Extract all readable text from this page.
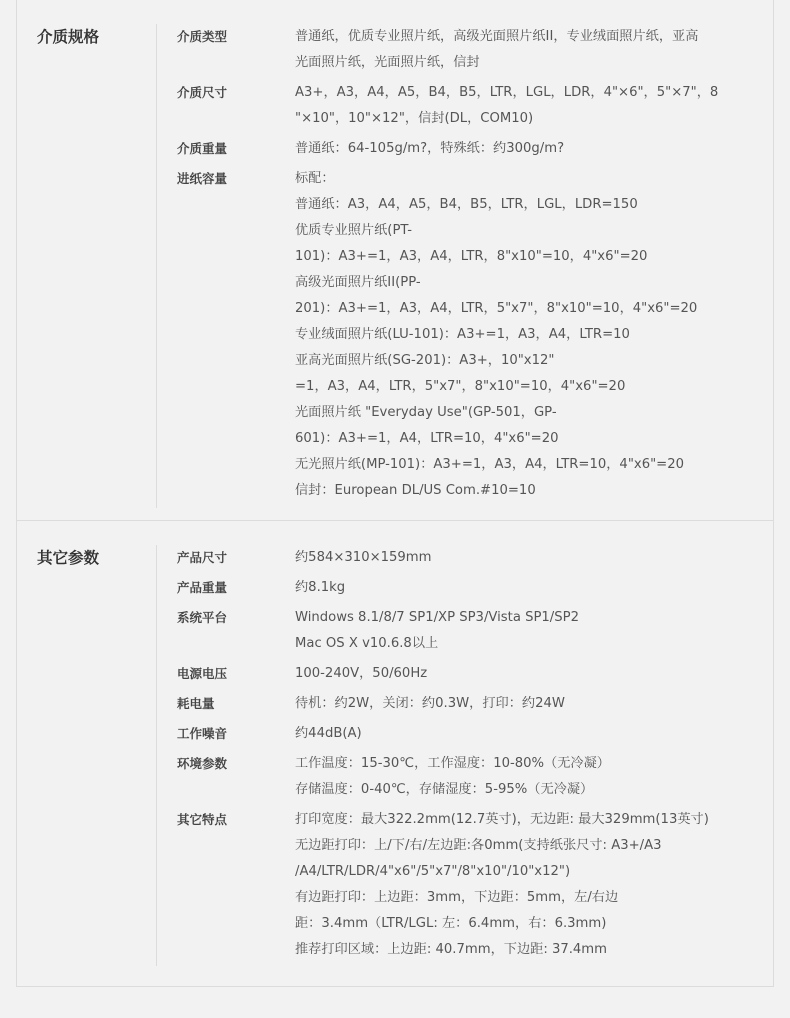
介质规格	介质类型	普通纸，优质专业照片纸，高级光面照片纸II，专业绒面照片纸，亚高
光面照片纸，光面照片纸，信封
介质尺寸	A3+，A3，A4，A5，B4，B5，LTR，LGL，LDR，4"×6"，5"×7"，8
"×10"，10"×12"，信封(DL，COM10)
介质重量	普通纸：64-105g/m?，特殊纸：约300g/m?
进纸容量	标配：
普通纸：A3，A4，A5，B4，B5，LTR，LGL，LDR=150
优质专业照片纸(PT-
101)：A3+=1，A3，A4，LTR，8"x10"=10，4"x6"=20
高级光面照片纸II(PP-
201)：A3+=1，A3，A4，LTR，5"x7"，8"x10"=10，4"x6"=20
专业绒面照片纸(LU-101)：A3+=1，A3，A4，LTR=10
亚高光面照片纸(SG-201)：A3+，10"x12"
=1，A3，A4，LTR，5"x7"，8"x10"=10，4"x6"=20
光面照片纸 "Everyday Use"(GP-501，GP-
601)：A3+=1，A4，LTR=10，4"x6"=20
无光照片纸(MP-101)：A3+=1，A3，A4，LTR=10，4"x6"=20
信封：European DL/US Com.#10=10
其它参数	产品尺寸	约584×310×159mm
产品重量	约8.1kg
系统平台	Windows 8.1/8/7 SP1/XP SP3/Vista SP1/SP2
Mac OS X v10.6.8以上
电源电压	100-240V，50/60Hz
耗电量	待机：约2W，关闭：约0.3W，打印：约24W
工作噪音	约44dB(A)
环境参数	工作温度：15-30℃，工作湿度：10-80%（无冷凝）
存储温度：0-40℃，存储湿度：5-95%（无冷凝）
其它特点	打印宽度：最大322.2mm(12.7英寸)，无边距: 最大329mm(13英寸)
无边距打印：上/下/右/左边距:各0mm(支持纸张尺寸: A3+/A3
/A4/LTR/LDR/4"x6"/5"x7"/8"x10"/10"x12")
有边距打印：上边距：3mm，下边距：5mm，左/右边
距：3.4mm（LTR/LGL: 左：6.4mm，右：6.3mm)
推荐打印区域：上边距: 40.7mm，下边距: 37.4mm
